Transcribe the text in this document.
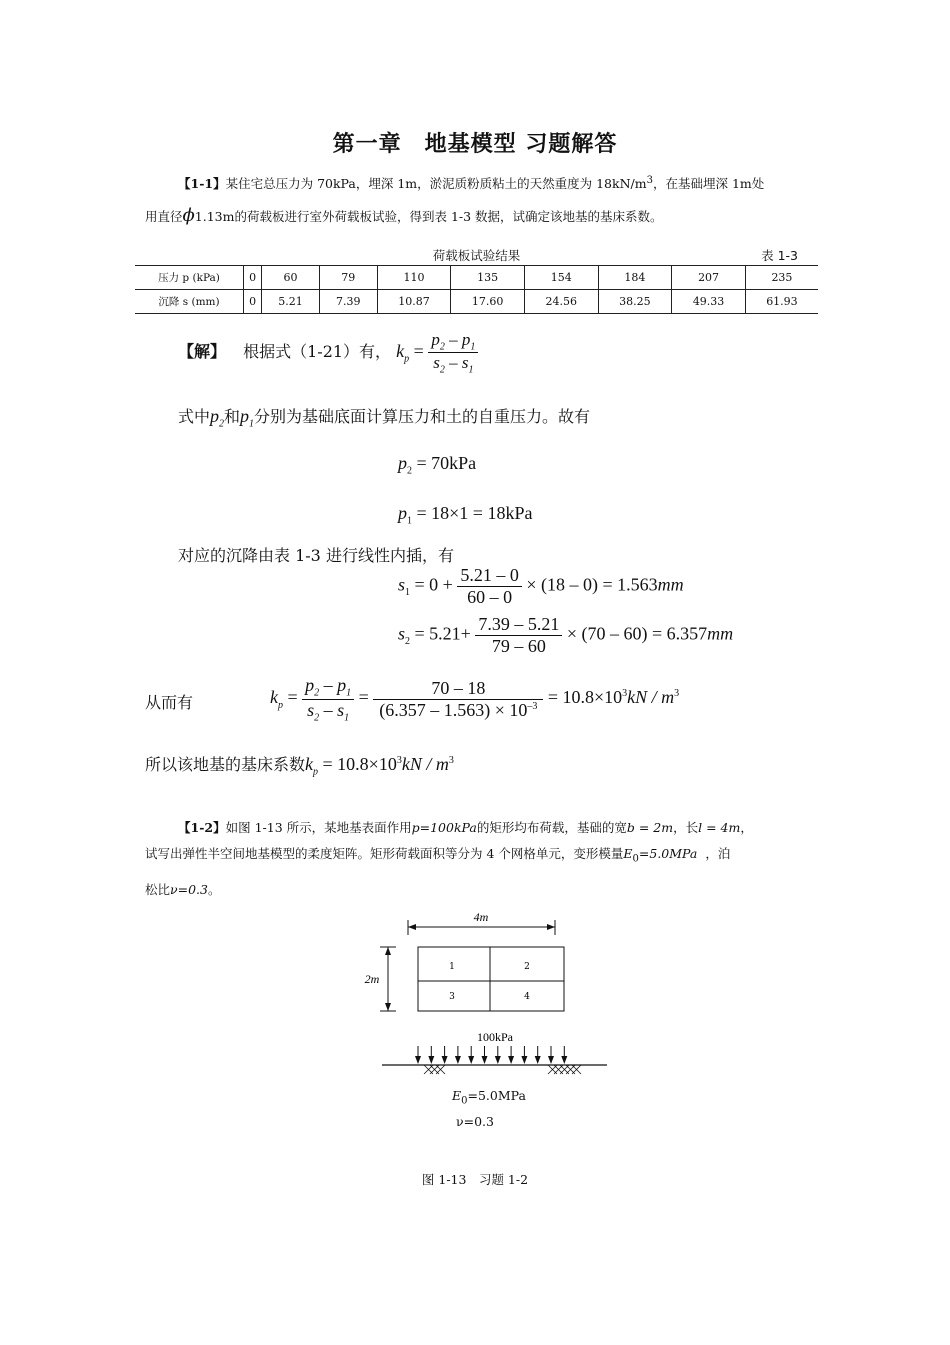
第一章　地基模型 习题解答
【1-1】某住宅总压力为 70kPa，埋深 1m，淤泥质粉质粘土的天然重度为 $18kN/m^3$，在基础埋深 1m处
用直径ϕ1.13m的荷载板进行室外荷载板试验，得到表 1-3 数据，试确定该地基的基床系数。
荷载板试验结果	表 1-3
压力 p (kPa)	0	60	79	110	135	154	184	207	235
沉降 s (mm)	0	5.21	7.39	10.87	17.60	24.56	38.25	49.33	61.93
【解】 根据式（1-21）有， $k_p = \frac{p_2 - p_1}{s_2 - s_1}$
式中$p_2$和$p_1$分别为基础底面计算压力和土的自重压力。故有
$p_2 = 70kPa$
$p_1 = 18\times 1 = 18kPa$
对应的沉降由表 1-3 进行线性内插，有
$s_1 = 0 + \frac{5.21 - 0}{60 - 0} \times (18 - 0) = 1.563mm$
$s_2 = 5.21+ \frac{7.39 - 5.21}{79 - 60} \times (70 - 60) = 6.357mm$
从而有	$k_p = \frac{p_2 - p_1}{s_2 - s_1} = \frac{70 - 18}{(6.357 - 1.563) \times 10^{-3}} = 10.8\times 10^3kN / m^3$
所以该地基的基床系数$k_p = 10.8\times 10^3kN / m^3$
【1-2】如图 1-13 所示，某地基表面作用p=100kPa的矩形均布荷载，基础的宽b = 2m，长l = 4m，
试写出弹性半空间地基模型的柔度矩阵。矩形荷载面积等分为 4 个网格单元，变形模量$E_0=5.0MPa$ ，泊
松比ν=0.3。
4m
2m
1	2
3	4
100kPa
$E_0=5.0MPa$
ν=0.3
图 1-13　习题 1-2
